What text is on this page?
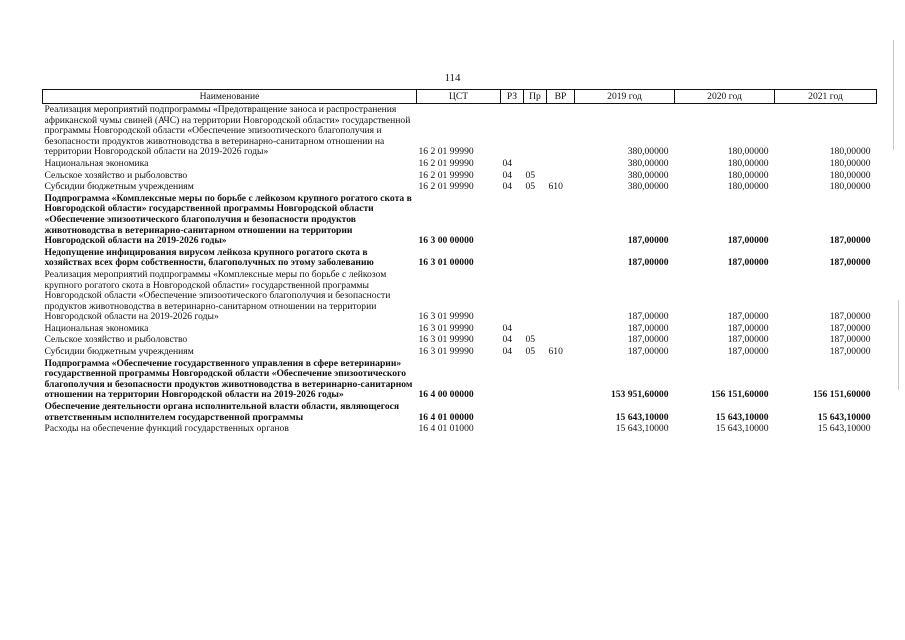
114
Наименование	ЦСТ	РЗ	Пр	ВР	2019 год	2020 год	2021 год
Реализация мероприятий подпрограммы «Предотвращение заноса и распространения африканской чумы свиней (АЧС) на территории Новгородской области» государственной программы Новгородской области «Обеспечение эпизоотического благополучия и безопасности продуктов животноводства в ветеринарно-санитарном отношении на территории Новгородской области на 2019-2026 годы»	16 2 01 99990				380,00000	180,00000	180,00000
Национальная экономика	16 2 01 99990	04			380,00000	180,00000	180,00000
Сельское хозяйство и рыболовство	16 2 01 99990	04	05		380,00000	180,00000	180,00000
Субсидии бюджетным учреждениям	16 2 01 99990	04	05	610	380,00000	180,00000	180,00000
Подпрограмма «Комплексные меры по борьбе с лейкозом крупного рогатого скота в Новгородской области» государственной программы Новгородской области «Обеспечение эпизоотического благополучия и безопасности продуктов животноводства в ветеринарно-санитарном отношении на территории Новгородской области на 2019-2026 годы»	16 3 00 00000				187,00000	187,00000	187,00000
Недопущение инфицирования вирусом лейкоза крупного рогатого скота в хозяйствах всех форм собственности, благополучных по этому заболеванию	16 3 01 00000				187,00000	187,00000	187,00000
Реализация мероприятий подпрограммы «Комплексные меры по борьбе с лейкозом крупного рогатого скота в Новгородской области» государственной программы Новгородской области «Обеспечение эпизоотического благополучия и безопасности продуктов животноводства в ветеринарно-санитарном отношении на территории Новгородской области на 2019-2026 годы»	16 3 01 99990				187,00000	187,00000	187,00000
Национальная экономика	16 3 01 99990	04			187,00000	187,00000	187,00000
Сельское хозяйство и рыболовство	16 3 01 99990	04	05		187,00000	187,00000	187,00000
Субсидии бюджетным учреждениям	16 3 01 99990	04	05	610	187,00000	187,00000	187,00000
Подпрограмма «Обеспечение государственного управления в сфере ветеринарии» государственной программы Новгородской области «Обеспечение эпизоотического благополучия и безопасности продуктов животноводства в ветеринарно-санитарном отношении на территории Новгородской области на 2019-2026 годы»	16 4 00 00000				153 951,60000	156 151,60000	156 151,60000
Обеспечение деятельности органа исполнительной власти области, являющегося ответственным исполнителем государственной программы	16 4 01 00000				15 643,10000	15 643,10000	15 643,10000
Расходы на обеспечение функций государственных органов	16 4 01 01000				15 643,10000	15 643,10000	15 643,10000
